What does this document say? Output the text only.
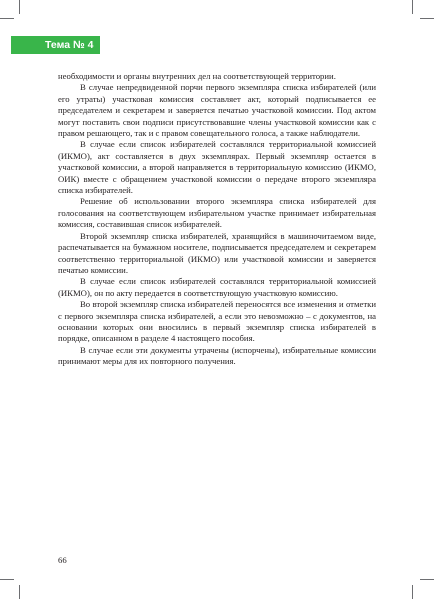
Тема № 4

необходимости и органы внутренних дел на соответствующей территории.

В случае непредвиденной порчи первого экземпляра списка избирателей (или его утраты) участковая комиссия составляет акт, который подписывается ее председателем и секретарем и заверяется печатью участковой комиссии. Под актом могут поставить свои подписи присутствовавшие члены участковой комиссии как с правом решающего, так и с правом совещательного голоса, а также наблюдатели.

В случае если список избирателей составлялся территориальной комиссией (ИКМО), акт составляется в двух экземплярах. Первый экземпляр остается в участковой комиссии, а второй направляется в территориальную комиссию (ИКМО, ОИК) вместе с обращением участковой комиссии о передаче второго экземпляра списка избирателей.

Решение об использовании второго экземпляра списка избирателей для голосования на соответствующем избирательном участке принимает избирательная комиссия, составившая список избирателей.

Второй экземпляр списка избирателей, хранящийся в машиночитаемом виде, распечатывается на бумажном носителе, подписывается председателем и секретарем соответственно территориальной (ИКМО) или участковой комиссии и заверяется печатью комиссии.

В случае если список избирателей составлялся территориальной комиссией (ИКМО), он по акту передается в соответствующую участковую комиссию.

Во второй экземпляр списка избирателей переносятся все изменения и отметки с первого экземпляра списка избирателей, а если это невозможно – с документов, на основании которых они вносились в первый экземпляр списка избирателей в порядке, описанном в разделе 4 настоящего пособия.

В случае если эти документы утрачены (испорчены), избирательные комиссии принимают меры для их повторного получения.

66
